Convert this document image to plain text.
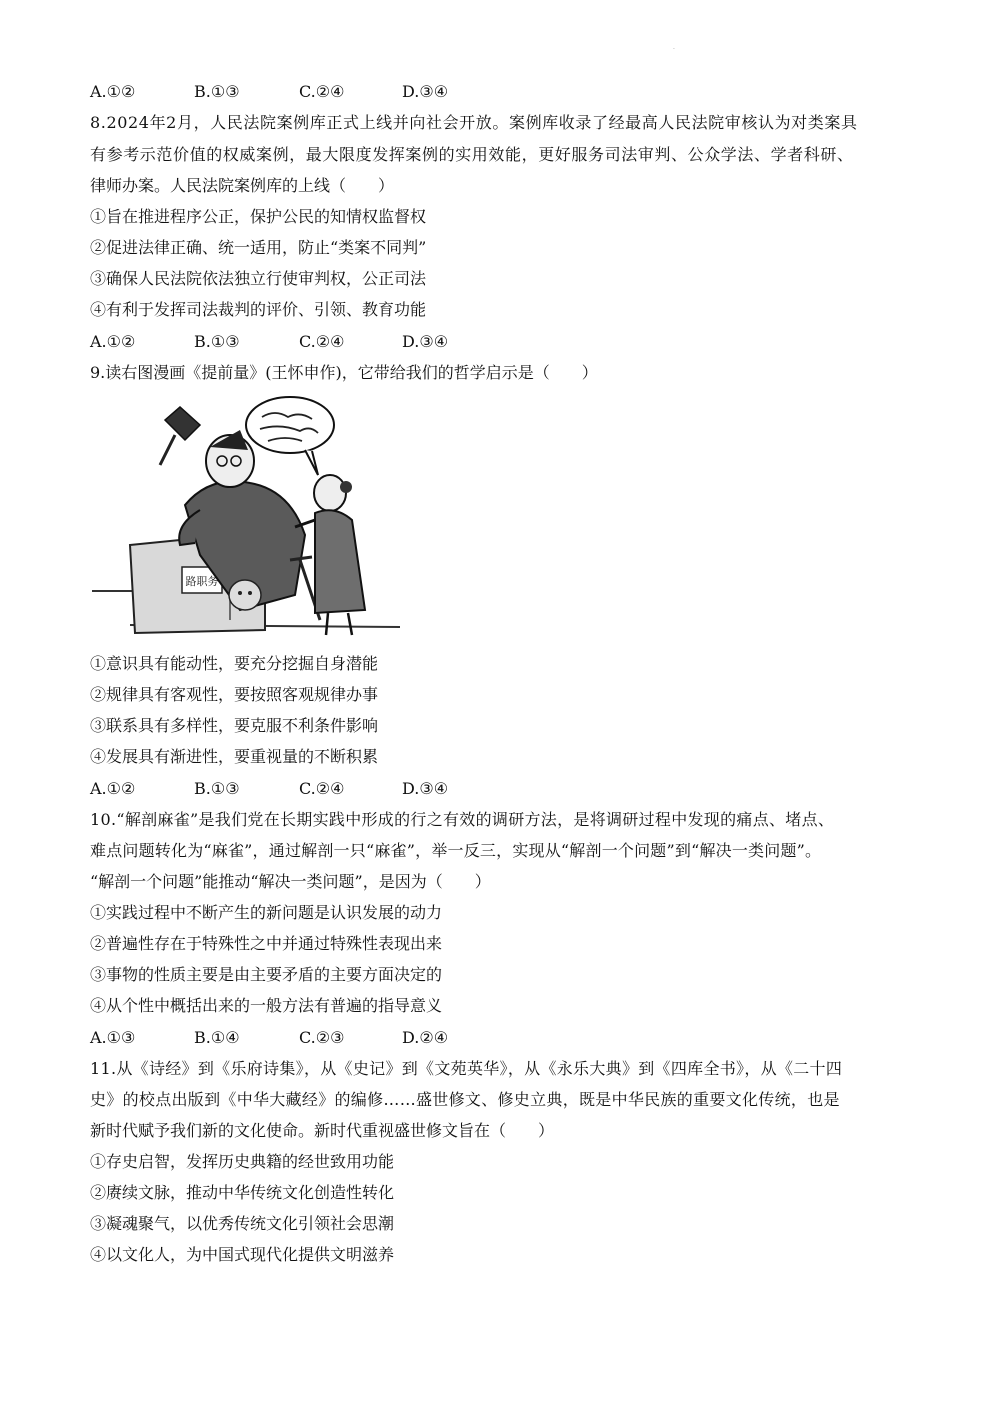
.
A.①②	B.①③	C.②④	D.③④
8.2024年2月，人民法院案例库正式上线并向社会开放。案例库收录了经最高人民法院审核认为对类案具
有参考示范价值的权威案例，最大限度发挥案例的实用效能，更好服务司法审判、公众学法、学者科研、
律师办案。人民法院案例库的上线（　　）
①旨在推进程序公正，保护公民的知情权监督权
②促进法律正确、统一适用，防止“类案不同判”
③确保人民法院依法独立行使审判权，公正司法
④有利于发挥司法裁判的评价、引领、教育功能
A.①②	B.①③	C.②④	D.③④
9.读右图漫画《提前量》(王怀申作)，它带给我们的哲学启示是（　　）
路职务
①意识具有能动性，要充分挖掘自身潜能
②规律具有客观性，要按照客观规律办事
③联系具有多样性，要克服不利条件影响
④发展具有渐进性，要重视量的不断积累
A.①②	B.①③	C.②④	D.③④
10.“解剖麻雀”是我们党在长期实践中形成的行之有效的调研方法，是将调研过程中发现的痛点、堵点、
难点问题转化为“麻雀”，通过解剖一只“麻雀”，举一反三，实现从“解剖一个问题”到“解决一类问题”。
“解剖一个问题”能推动“解决一类问题”，是因为（　　）
①实践过程中不断产生的新问题是认识发展的动力
②普遍性存在于特殊性之中并通过特殊性表现出来
③事物的性质主要是由主要矛盾的主要方面决定的
④从个性中概括出来的一般方法有普遍的指导意义
A.①③	B.①④	C.②③	D.②④
11.从《诗经》到《乐府诗集》，从《史记》到《文苑英华》，从《永乐大典》到《四库全书》，从《二十四
史》的校点出版到《中华大藏经》的编修……盛世修文、修史立典，既是中华民族的重要文化传统，也是
新时代赋予我们新的文化使命。新时代重视盛世修文旨在（　　）
①存史启智，发挥历史典籍的经世致用功能
②赓续文脉，推动中华传统文化创造性转化
③凝魂聚气，以优秀传统文化引领社会思潮
④以文化人，为中国式现代化提供文明滋养
